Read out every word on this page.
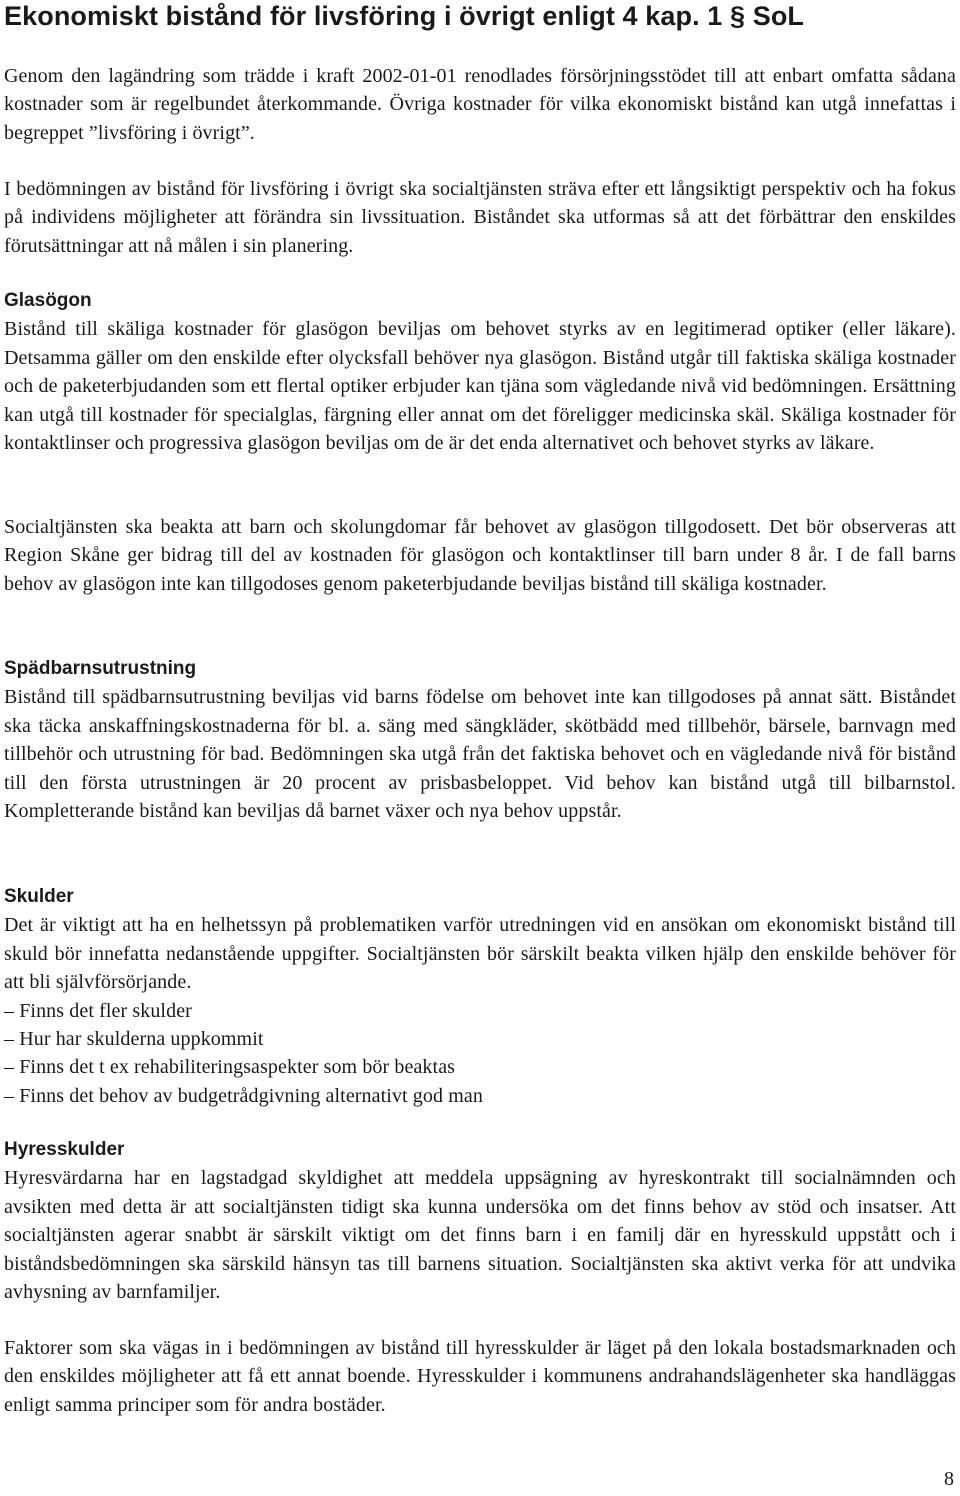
Ekonomiskt bistånd för livsföring i övrigt enligt 4 kap. 1 § SoL

Genom den lagändring som trädde i kraft 2002-01-01 renodlades försörjningsstödet till att enbart omfatta sådana kostnader som är regelbundet återkommande. Övriga kostnader för vilka ekonomiskt bistånd kan utgå innefattas i begreppet ”livsföring i övrigt”.

I bedömningen av bistånd för livsföring i övrigt ska socialtjänsten sträva efter ett långsiktigt perspektiv och ha fokus på individens möjligheter att förändra sin livssituation. Biståndet ska utformas så att det förbättrar den enskildes förutsättningar att nå målen i sin planering.

Glasögon

Bistånd till skäliga kostnader för glasögon beviljas om behovet styrks av en legitimerad optiker (eller läkare). Detsamma gäller om den enskilde efter olycksfall behöver nya glasögon. Bistånd utgår till faktiska skäliga kostnader och de paketerbjudanden som ett flertal optiker erbjuder kan tjäna som vägledande nivå vid bedömningen. Ersättning kan utgå till kostnader för specialglas, färgning eller annat om det föreligger medicinska skäl. Skäliga kostnader för kontaktlinser och progressiva glasögon beviljas om de är det enda alternativet och behovet styrks av läkare.

Socialtjänsten ska beakta att barn och skolungdomar får behovet av glasögon tillgodosett. Det bör observeras att Region Skåne ger bidrag till del av kostnaden för glasögon och kontaktlinser till barn under 8 år. I de fall barns behov av glasögon inte kan tillgodoses genom paketerbjudande beviljas bistånd till skäliga kostnader.

Spädbarnsutrustning

Bistånd till spädbarnsutrustning beviljas vid barns födelse om behovet inte kan tillgodoses på annat sätt. Biståndet ska täcka anskaffningskostnaderna för bl. a. säng med sängkläder, skötbädd med tillbehör, bärsele, barnvagn med tillbehör och utrustning för bad. Bedömningen ska utgå från det faktiska behovet och en vägledande nivå för bistånd till den första utrustningen är 20 procent av prisbasbeloppet. Vid behov kan bistånd utgå till bilbarnstol. Kompletterande bistånd kan beviljas då barnet växer och nya behov uppstår.

Skulder

Det är viktigt att ha en helhetssyn på problematiken varför utredningen vid en ansökan om ekonomiskt bistånd till skuld bör innefatta nedanstående uppgifter. Socialtjänsten bör särskilt beakta vilken hjälp den enskilde behöver för att bli självförsörjande.

– Finns det fler skulder
– Hur har skulderna uppkommit
– Finns det t ex rehabiliteringsaspekter som bör beaktas
– Finns det behov av budgetrådgivning alternativt god man
Hyresskulder

Hyresvärdarna har en lagstadgad skyldighet att meddela uppsägning av hyreskontrakt till socialnämnden och avsikten med detta är att socialtjänsten tidigt ska kunna undersöka om det finns behov av stöd och insatser. Att socialtjänsten agerar snabbt är särskilt viktigt om det finns barn i en familj där en hyresskuld uppstått och i biståndsbedömningen ska särskild hänsyn tas till barnens situation. Socialtjänsten ska aktivt verka för att undvika avhysning av barnfamiljer.

Faktorer som ska vägas in i bedömningen av bistånd till hyresskulder är läget på den lokala bostadsmarknaden och den enskildes möjligheter att få ett annat boende. Hyresskulder i kommunens andrahandslägenheter ska handläggas enligt samma principer som för andra bostäder.

8
